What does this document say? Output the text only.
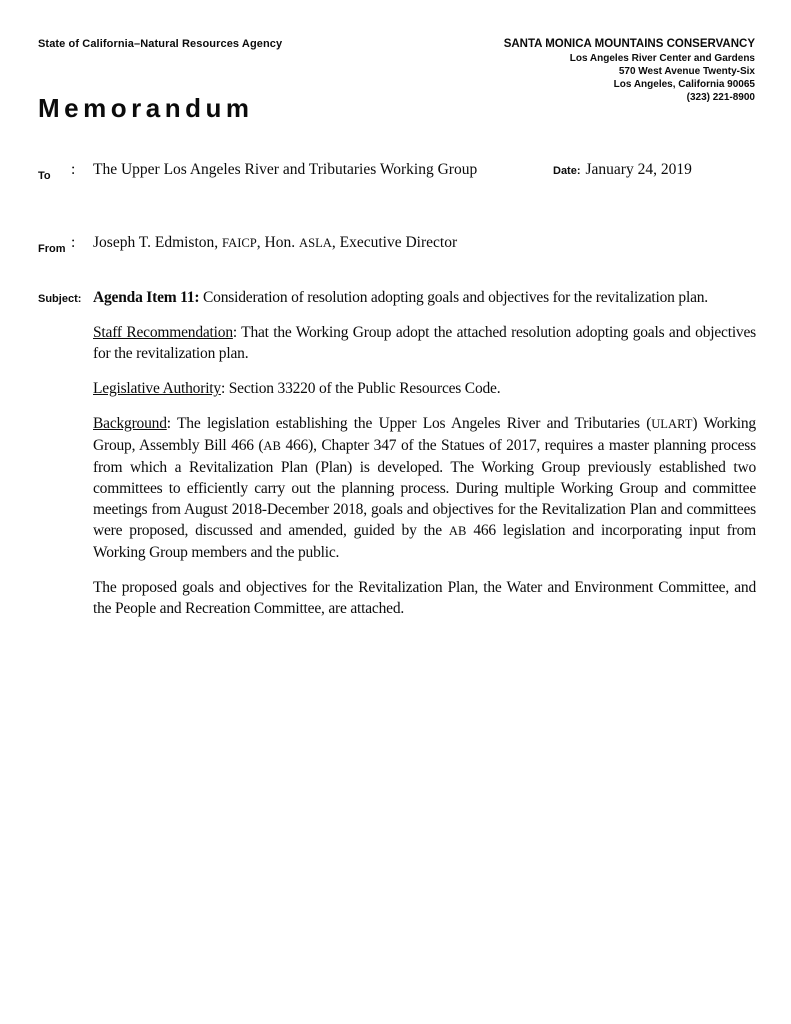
State of California–Natural Resources Agency	SANTA MONICA MOUNTAINS CONSERVANCY
Los Angeles River Center and Gardens
570 West Avenue Twenty-Six
Los Angeles, California 90065
(323) 221-8900
Memorandum
To : The Upper Los Angeles River and Tributaries Working Group	Date: January 24, 2019
From : Joseph T. Edmiston, FAICP, Hon. ASLA, Executive Director
Subject: Agenda Item 11: Consideration of resolution adopting goals and objectives for the revitalization plan.

Staff Recommendation: That the Working Group adopt the attached resolution adopting goals and objectives for the revitalization plan.

Legislative Authority: Section 33220 of the Public Resources Code.

Background: The legislation establishing the Upper Los Angeles River and Tributaries (ULART) Working Group, Assembly Bill 466 (AB 466), Chapter 347 of the Statues of 2017, requires a master planning process from which a Revitalization Plan (Plan) is developed. The Working Group previously established two committees to efficiently carry out the planning process. During multiple Working Group and committee meetings from August 2018-December 2018, goals and objectives for the Revitalization Plan and committees were proposed, discussed and amended, guided by the AB 466 legislation and incorporating input from Working Group members and the public.

The proposed goals and objectives for the Revitalization Plan, the Water and Environment Committee, and the People and Recreation Committee, are attached.
